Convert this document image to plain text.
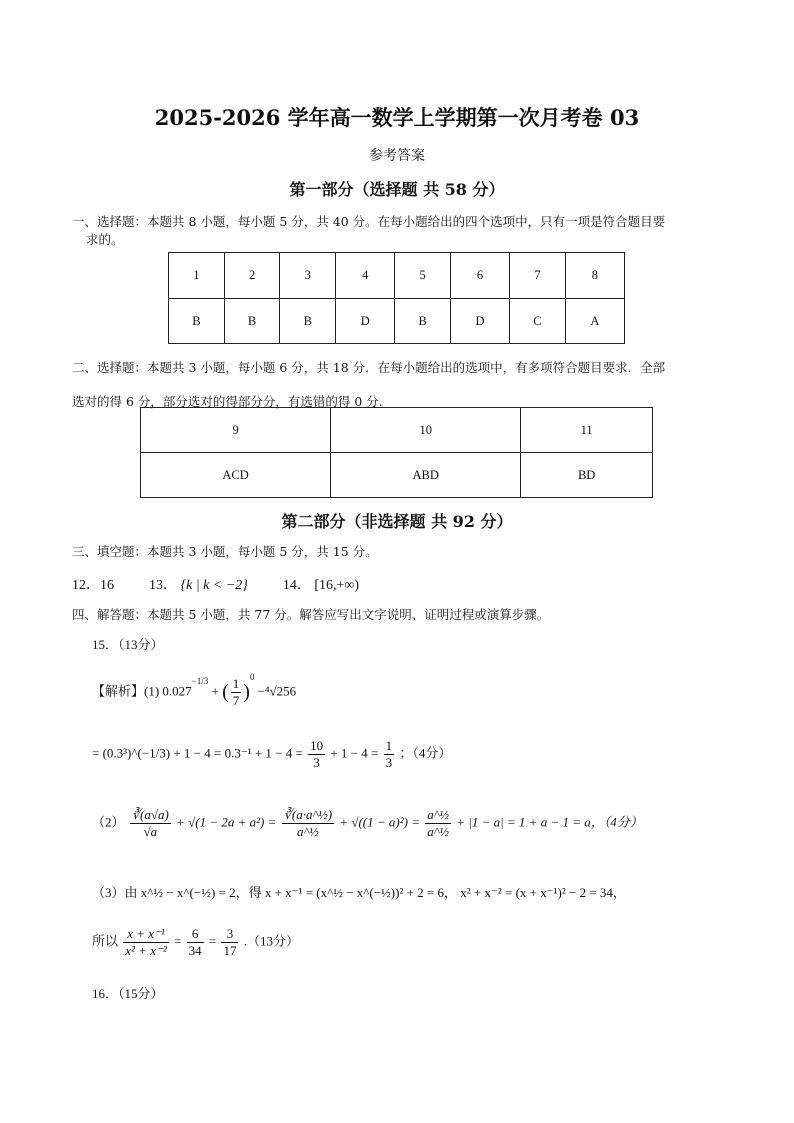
2025-2026 学年高一数学上学期第一次月考卷 03
参考答案
第一部分（选择题 共 58 分）
一、选择题：本题共 8 小题，每小题 5 分，共 40 分。在每小题给出的四个选项中，只有一项是符合题目要
求的。
1	2	3	4	5	6	7	8
B	B	B	D	B	D	C	A
二、选择题：本题共 3 小题，每小题 6 分，共 18 分．在每小题给出的选项中，有多项符合题目要求．全部
选对的得 6 分，部分选对的得部分分，有选错的得 0 分.
9	10	11
ACD	ABD	BD
第二部分（非选择题 共 92 分）
三、填空题：本题共 3 小题，每小题 5 分，共 15 分。
12．16	13． {k | k < −2}	14． [16,+∞)
四、解答题：本题共 5 小题，共 77 分。解答应写出文字说明、证明过程或演算步骤。
15．（13分）
【解析】(1) $0.027^{-1/3}$ + ( $\frac{1}{7} )^0 -^4√256$
= (0.3³)^(−1/3) + $1 - 4 = 0.3^{-1} + 1 - 4 = \frac{10}{3} + 1 - 4 = \frac{1}{3}$ ；（4分）
$(2) \frac{∛(a√a)}{√a} + √(1 - 2a + a^2) = \frac{\text{∛(a·a\textasciicircum{}½)}}{\text{a\textasciicircum{}½}} + √((1 - a)^2) = \frac{\text{a\textasciicircum{}½}}{\text{a\textasciicircum{}½}} + |1 - a| = 1 + a - 1 = a$，（4分）
（3）由 x^½ − x^(−½) = 2，得 x + x⁻¹ = (x^½ − x^(−½))² + 2 = 6， x² + x⁻² = (x + x⁻¹)² − 2 = 34，
所以 $\frac{\text{x + x⁻¹}}{\text{x² + x⁻²}} = \frac{6}{34} = \frac{3}{17} .(13$分）
16．（15分）
